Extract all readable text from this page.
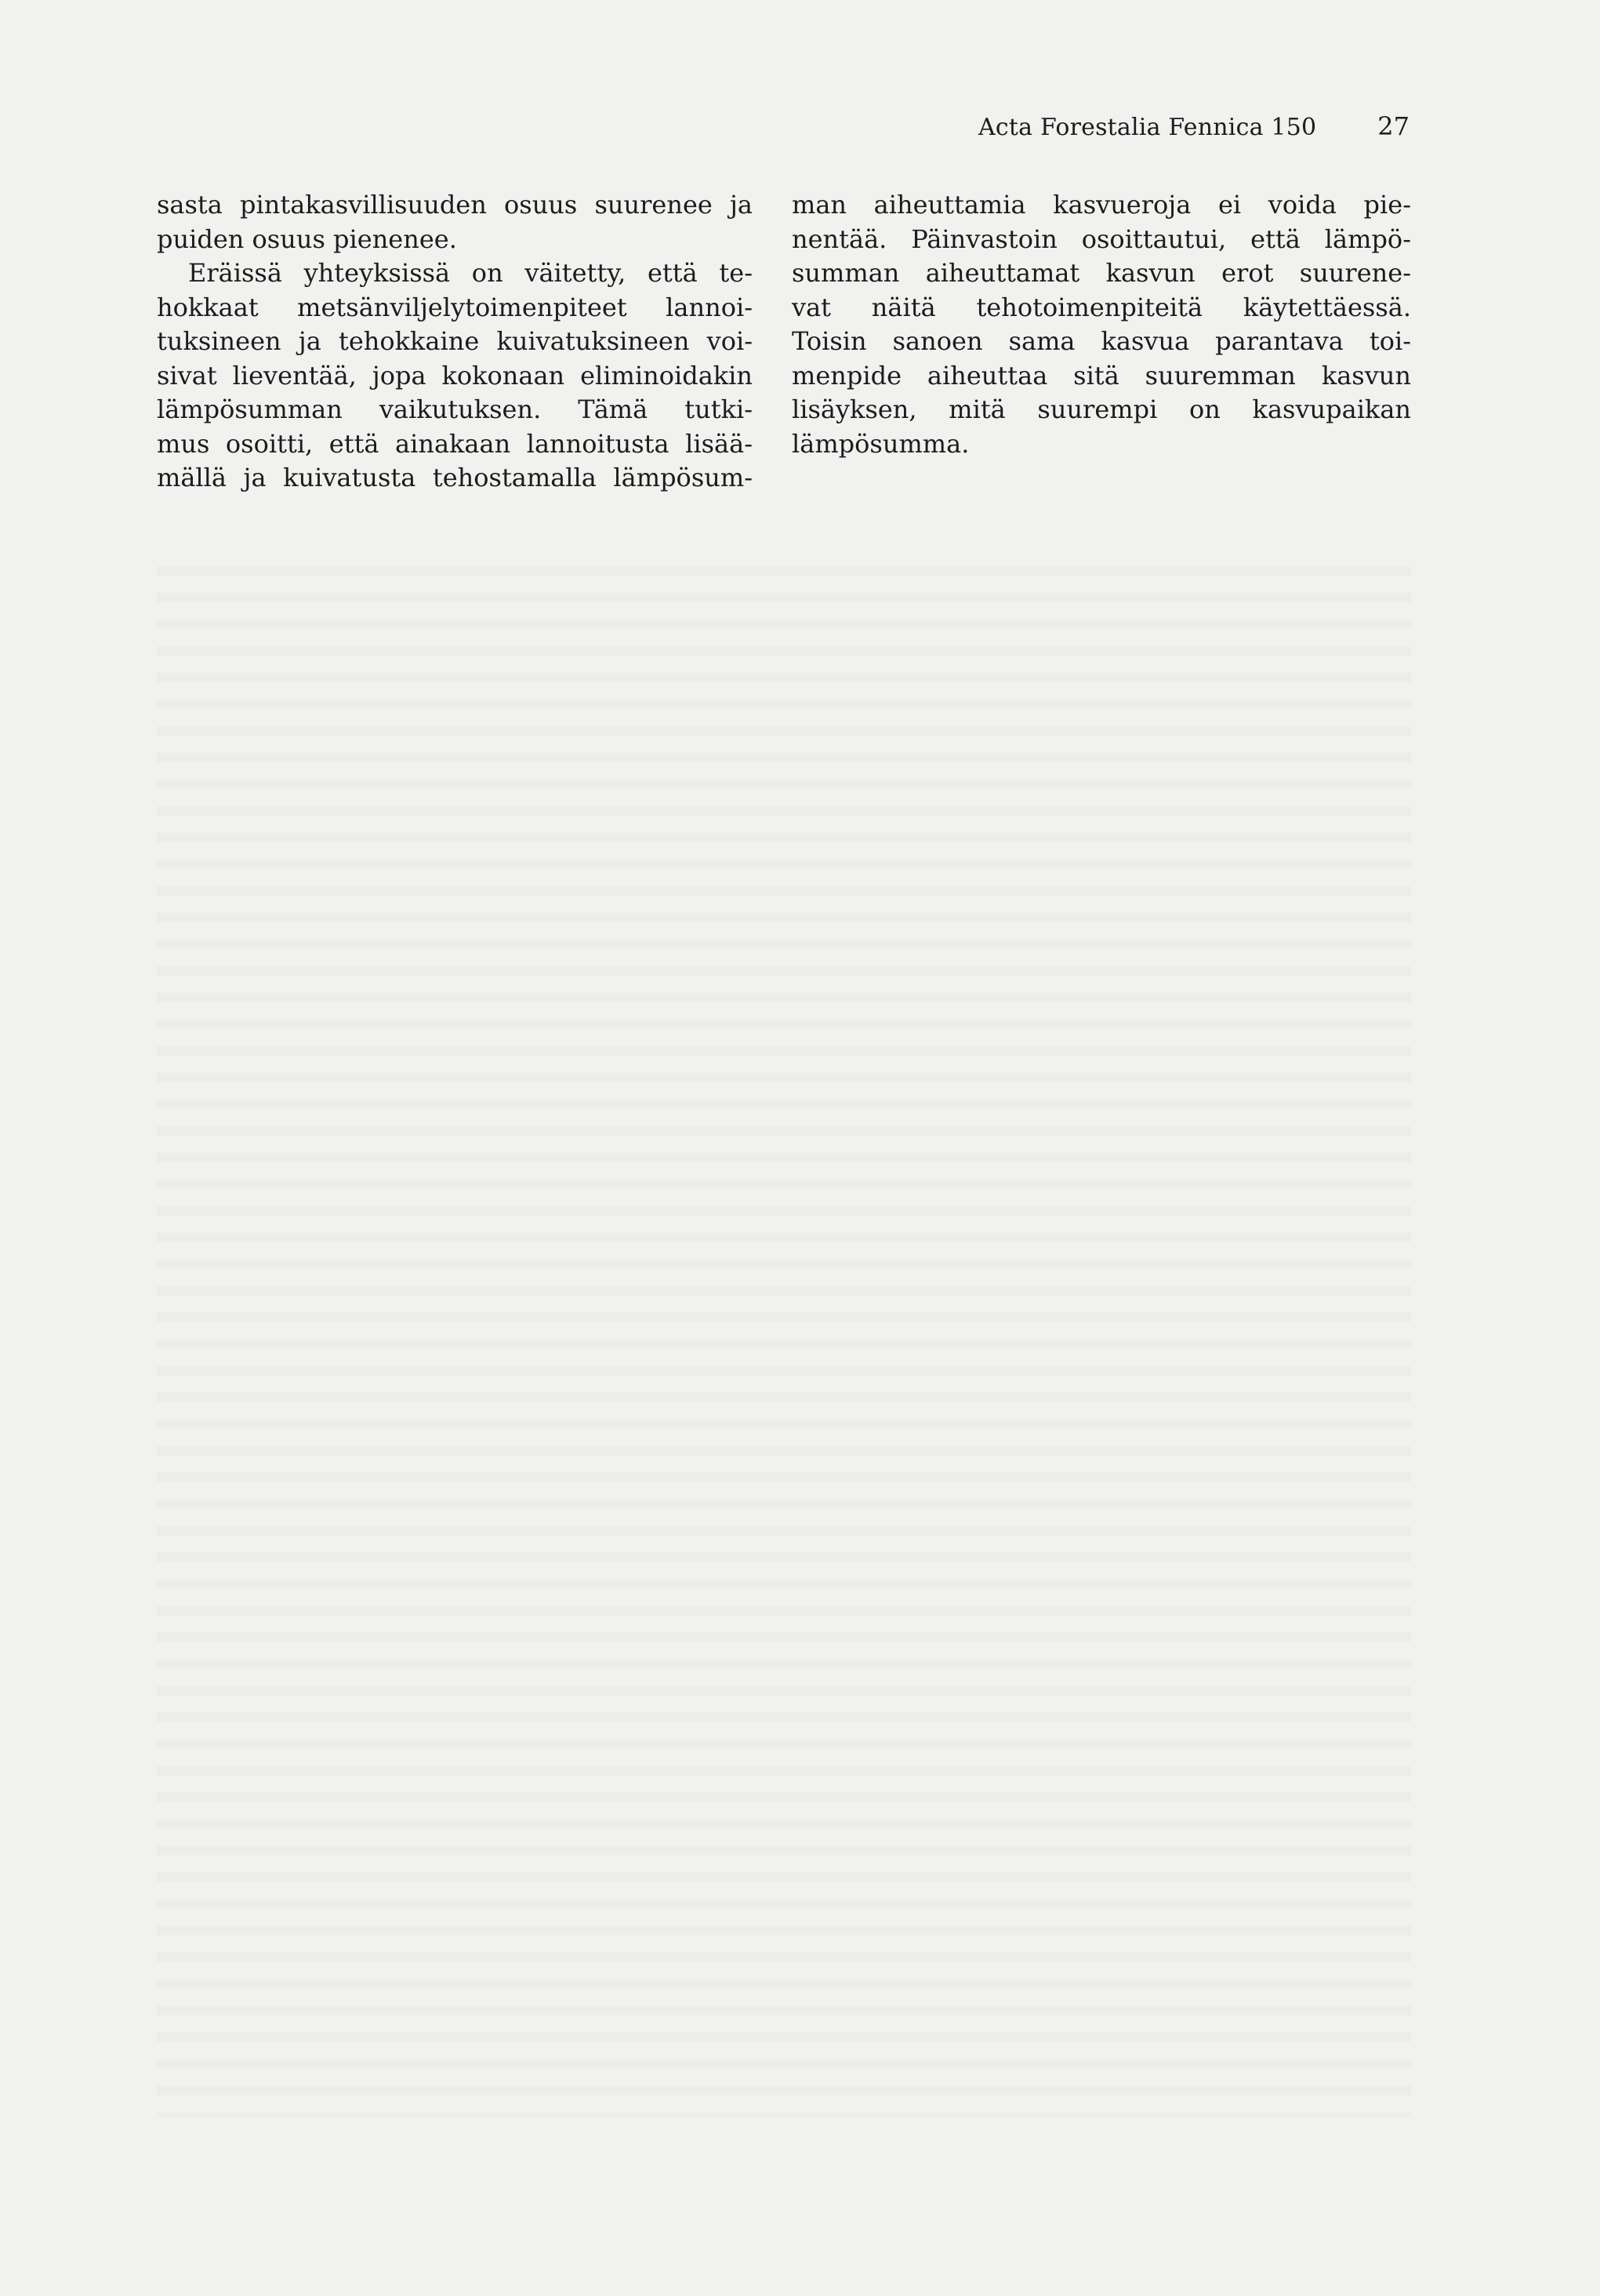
Acta Forestalia Fennica 150 27
sasta pintakasvillisuuden osuus suurenee ja
puiden osuus pienenee.
Eräissä yhteyksissä on väitetty, että te-
hokkaat metsänviljelytoimenpiteet lannoi-
tuksineen ja tehokkaine kuivatuksineen voi-
sivat lieventää, jopa kokonaan eliminoidakin
lämpösumman vaikutuksen. Tämä tutki-
mus osoitti, että ainakaan lannoitusta lisää-
mällä ja kuivatusta tehostamalla lämpösum-
man aiheuttamia kasvueroja ei voida pie-
nentää. Päinvastoin osoittautui, että lämpö-
summan aiheuttamat kasvun erot suurene-
vat näitä tehotoimenpiteitä käytettäessä.
Toisin sanoen sama kasvua parantava toi-
menpide aiheuttaa sitä suuremman kasvun
lisäyksen, mitä suurempi on kasvupaikan
lämpösumma.
